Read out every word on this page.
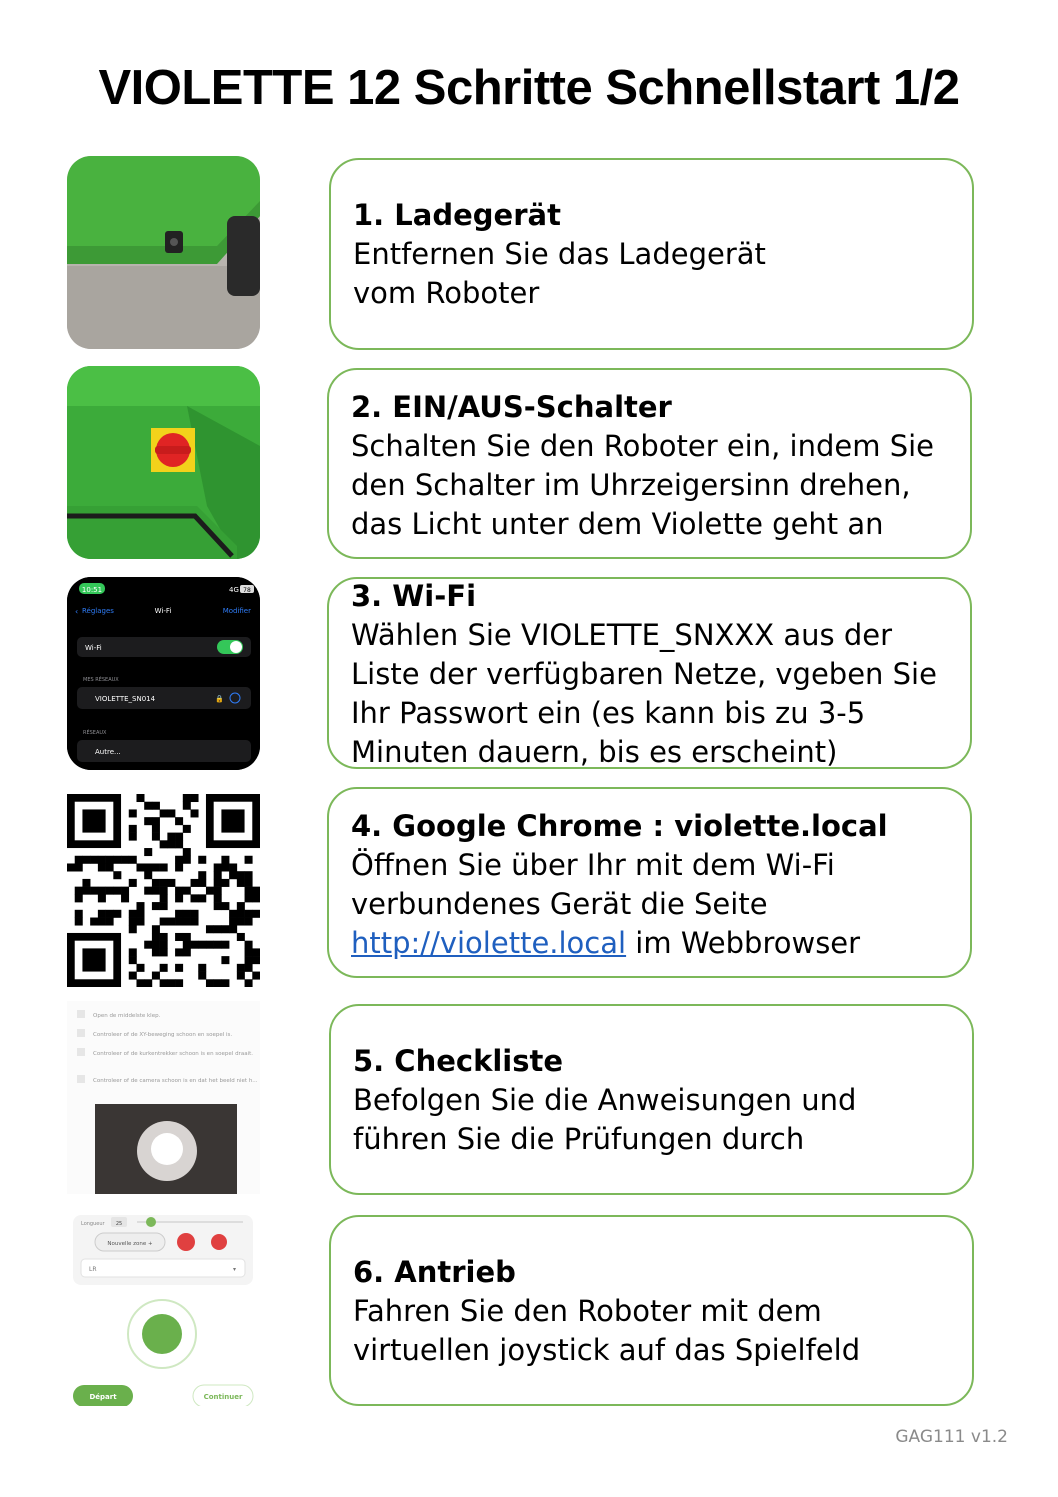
VIOLETTE 12 Schritte Schnellstart 1/2
10:51	4G 78
‹ Réglages	Wi-Fi	Modifier
Wi-Fi
MES RÉSEAUX
VIOLETTE_SN014	🔒
RÉSEAUX
Autre...
Open de middelste klep.
Controleer of de XY-beweging schoon en soepel is.
Controleer of de kurkentrekker schoon is en soepel draait.
Controleer of de camera schoon is en dat het beeld niet h...
Longueur 25
Nouvelle zone +
LR	▾
Départ	Continuer
1. Ladegerät
Entfernen Sie das Ladegerät vom Roboter
2. EIN/AUS-Schalter
Schalten Sie den Roboter ein, indem Sie den Schalter im Uhrzeigersinn drehen, das Licht unter dem Violette geht an
3. Wi-Fi
Wählen Sie VIOLETTE_SNXXX aus der Liste der verfügbaren Netze, vgeben Sie Ihr Passwort ein (es kann bis zu 3-5 Minuten dauern, bis es erscheint)
4. Google Chrome : violette.local
Öffnen Sie über Ihr mit dem Wi-Fi verbundenes Gerät die Seite http://violette.local im Webbrowser
5. Checkliste
Befolgen Sie die Anweisungen und führen Sie die Prüfungen durch
6. Antrieb
Fahren Sie den Roboter mit dem virtuellen joystick auf das Spielfeld
GAG111 v1.2
